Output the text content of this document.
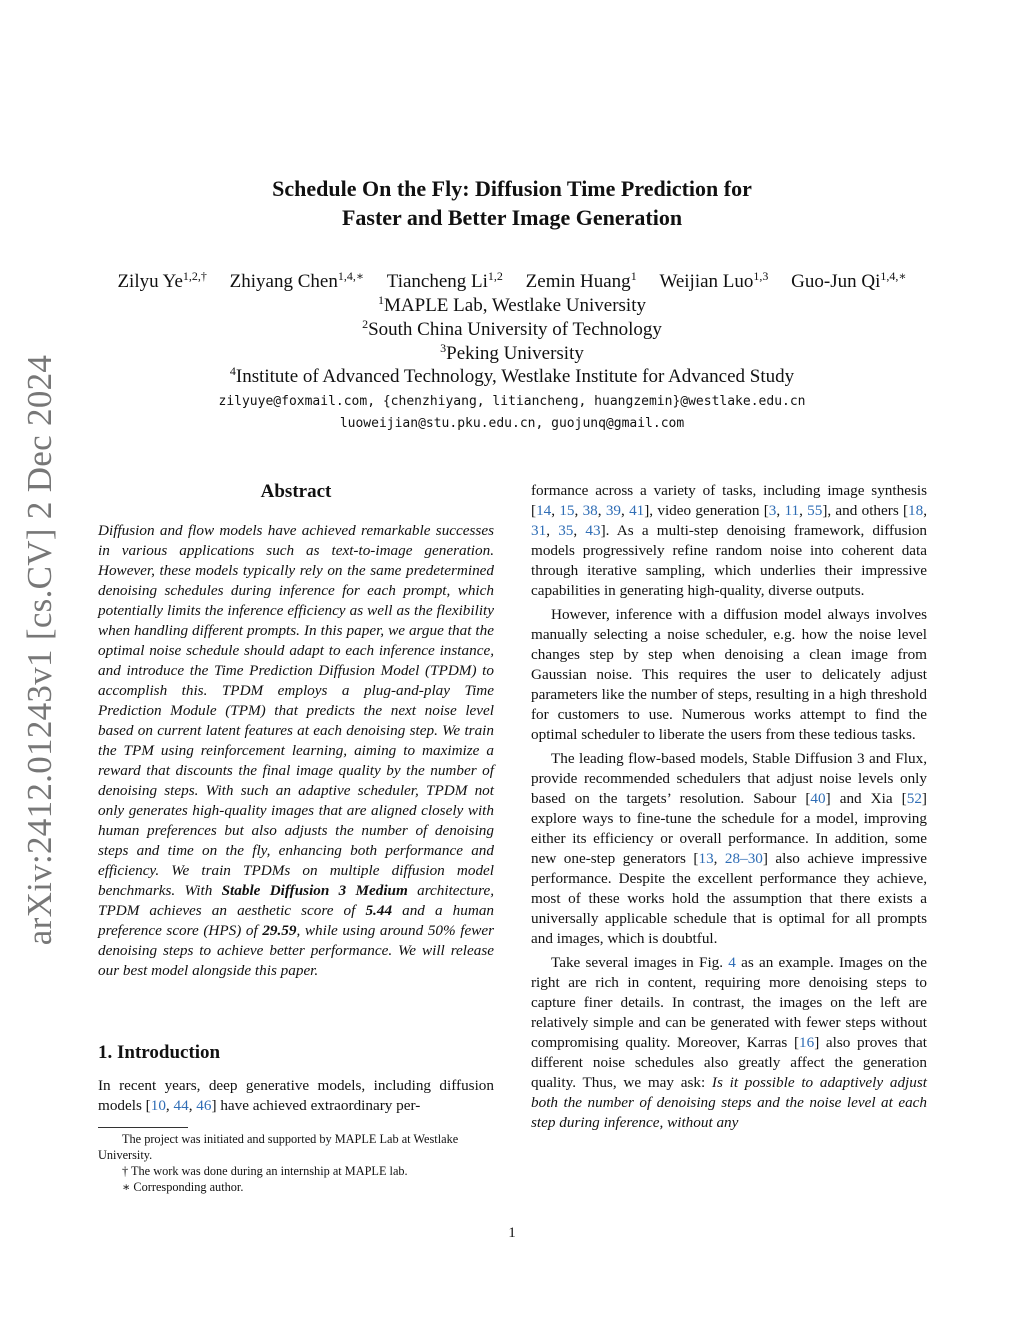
arXiv:2412.01243v1 [cs.CV] 2 Dec 2024
Schedule On the Fly: Diffusion Time Prediction for
Faster and Better Image Generation
Zilyu $Ye^{1,2,\dagger}$ Zhiyang Chen$^{1,4,∗}$ Tiancheng Li$^{1,2}$ Zemin Huang$^1$ Weijian Luo$^{1,3}$ Guo-Jun $Qi^{1,4,∗}$
$^1$MAPLE Lab, Westlake University
$^2$South China University of Technology
$^3$Peking University
$^4$Institute of Advanced Technology, Westlake Institute for Advanced Study
zilyuye@foxmail.com, {chenzhiyang, litiancheng, huangzemin}@westlake.edu.cn
luoweijian@stu.pku.edu.cn, guojunq@gmail.com
Abstract
Diffusion and flow models have achieved remarkable successes in various applications such as text-to-image generation. However, these models typically rely on the same predetermined denoising schedules during inference for each prompt, which potentially limits the inference efficiency as well as the flexibility when handling different prompts. In this paper, we argue that the optimal noise schedule should adapt to each inference instance, and introduce the Time Prediction Diffusion Model (TPDM) to accomplish this. TPDM employs a plug-and-play Time Prediction Module (TPM) that predicts the next noise level based on current latent features at each denoising step. We train the TPM using reinforcement learning, aiming to maximize a reward that discounts the final image quality by the number of denoising steps. With such an adaptive scheduler, TPDM not only generates high-quality images that are aligned closely with human preferences but also adjusts the number of denoising steps and time on the fly, enhancing both performance and efficiency. We train TPDMs on multiple diffusion model benchmarks. With Stable Diffusion 3 Medium architecture, TPDM achieves an aesthetic score of 5.44 and a human preference score (HPS) of 29.59, while using around 50% fewer denoising steps to achieve better performance. We will release our best model alongside this paper.
1. Introduction
In recent years, deep generative models, including diffusion models [10, 44, 46] have achieved extraordinary per-
The project was initiated and supported by MAPLE Lab at Westlake University.
† The work was done during an internship at MAPLE lab.
∗ Corresponding author.

formance across a variety of tasks, including image synthesis [14, 15, 38, 39, 41], video generation [3, 11, 55], and others [18, 31, 35, 43]. As a multi-step denoising framework, diffusion models progressively refine random noise into coherent data through iterative sampling, which underlies their impressive capabilities in generating high-quality, diverse outputs.

However, inference with a diffusion model always involves manually selecting a noise scheduler, e.g. how the noise level changes step by step when denoising a clean image from Gaussian noise. This requires the user to delicately adjust parameters like the number of steps, resulting in a high threshold for customers to use. Numerous works attempt to find the optimal scheduler to liberate the users from these tedious tasks.

The leading flow-based models, Stable Diffusion 3 and Flux, provide recommended schedulers that adjust noise levels only based on the targets’ resolution. Sabour [40] and Xia [52] explore ways to fine-tune the schedule for a model, improving either its efficiency or overall performance. In addition, some new one-step generators [13, 28–30] also achieve impressive performance. Despite the excellent performance they achieve, most of these works hold the assumption that there exists a universally applicable schedule that is optimal for all prompts and images, which is doubtful.

Take several images in Fig. 4 as an example. Images on the right are rich in content, requiring more denoising steps to capture finer details. In contrast, the images on the left are relatively simple and can be generated with fewer steps without compromising quality. Moreover, Karras [16] also proves that different noise schedules also greatly affect the generation quality. Thus, we may ask: Is it possible to adaptively adjust both the number of denoising steps and the noise level at each step during inference, without any

1
